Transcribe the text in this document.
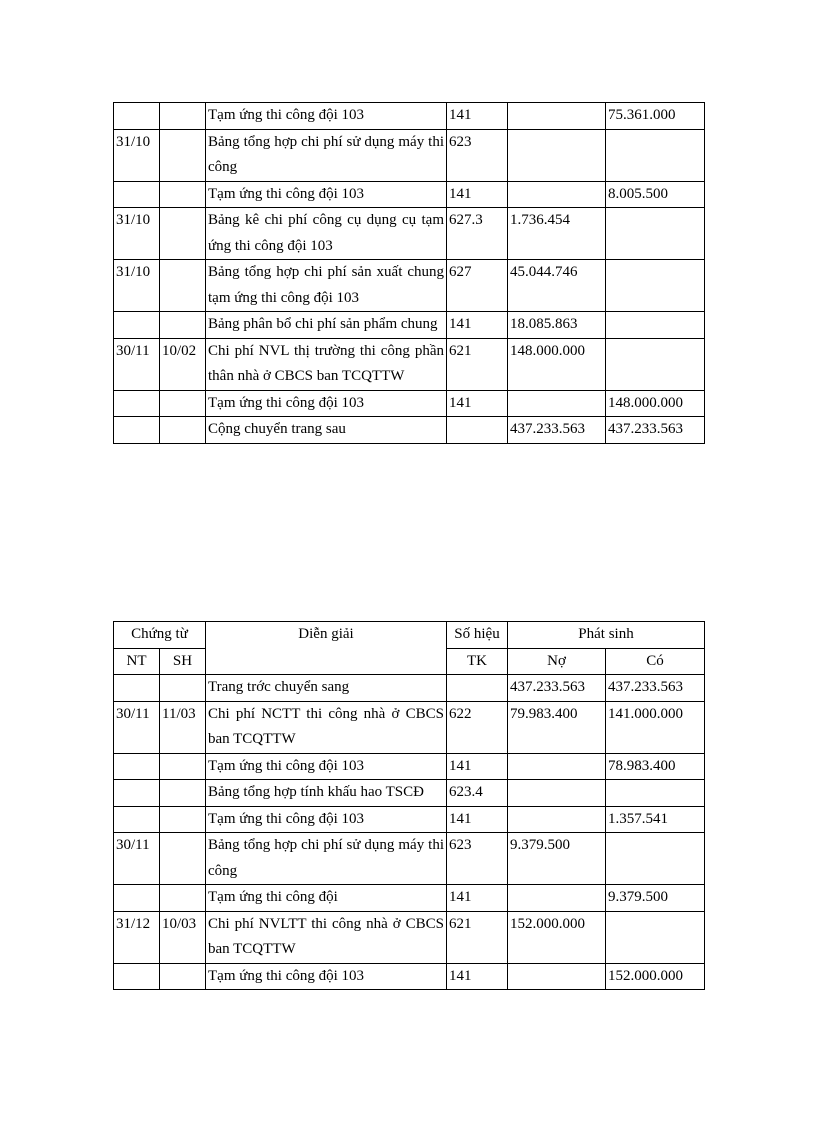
		Tạm ứng thi công đội 103	141		75.361.000
31/10		Bảng tổng hợp chi phí sử dụng máy thi công	623		
		Tạm ứng thi công đội 103	141		8.005.500
31/10		Bảng kê chi phí công cụ dụng cụ tạm ứng thi công đội 103	627.3	1.736.454	
31/10		Bảng tổng hợp chi phí sản xuất chung tạm ứng thi công đội 103	627	45.044.746	
		Bảng phân bổ chi phí sản phẩm chung	141	18.085.863	
30/11	10/02	Chi phí NVL thị trường thi công phần thân nhà ở CBCS ban TCQTTW	621	148.000.000	
		Tạm ứng thi công đội 103	141		148.000.000
		Cộng chuyển trang sau		437.233.563	437.233.563
Chứng từ		Diễn giải	Số hiệu	Phát sinh	
NT	SH		TK	Nợ	Có
		Trang trớc chuyển sang		437.233.563	437.233.563
30/11	11/03	Chi phí NCTT thi công nhà ở CBCS ban TCQTTW	622	79.983.400	141.000.000
		Tạm ứng thi công đội 103	141		78.983.400
		Bảng tổng hợp tính khấu hao TSCĐ	623.4		
		Tạm ứng thi công đội 103	141		1.357.541
30/11		Bảng tổng hợp chi phí sử dụng máy thi công	623	9.379.500	
		Tạm ứng thi công đội	141		9.379.500
31/12	10/03	Chi phí NVLTT thi công nhà ở CBCS ban TCQTTW	621	152.000.000	
		Tạm ứng thi công đội 103	141		152.000.000
